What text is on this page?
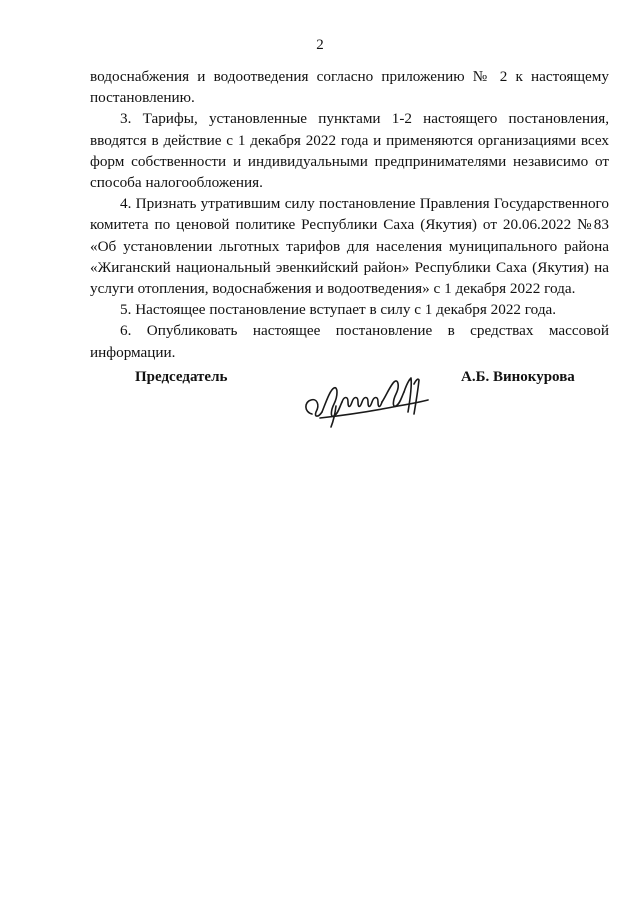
2

водоснабжения и водоотведения согласно приложению № 2 к настоящему постановлению.

3. Тарифы, установленные пунктами 1-2 настоящего постановления, вводятся в действие с 1 декабря 2022 года и применяются организациями всех форм собственности и индивидуальными предпринимателями независимо от способа налогообложения.

4. Признать утратившим силу постановление Правления Государственного комитета по ценовой политике Республики Саха (Якутия) от 20.06.2022 №83 «Об установлении льготных тарифов для населения муниципального района «Жиганский национальный эвенкийский район» Республики Саха (Якутия) на услуги отопления, водоснабжения и водоотведения» с 1 декабря 2022 года.

5. Настоящее постановление вступает в силу с 1 декабря 2022 года.

6. Опубликовать настоящее постановление в средствах массовой информации.

Председатель	А.Б. Винокурова
